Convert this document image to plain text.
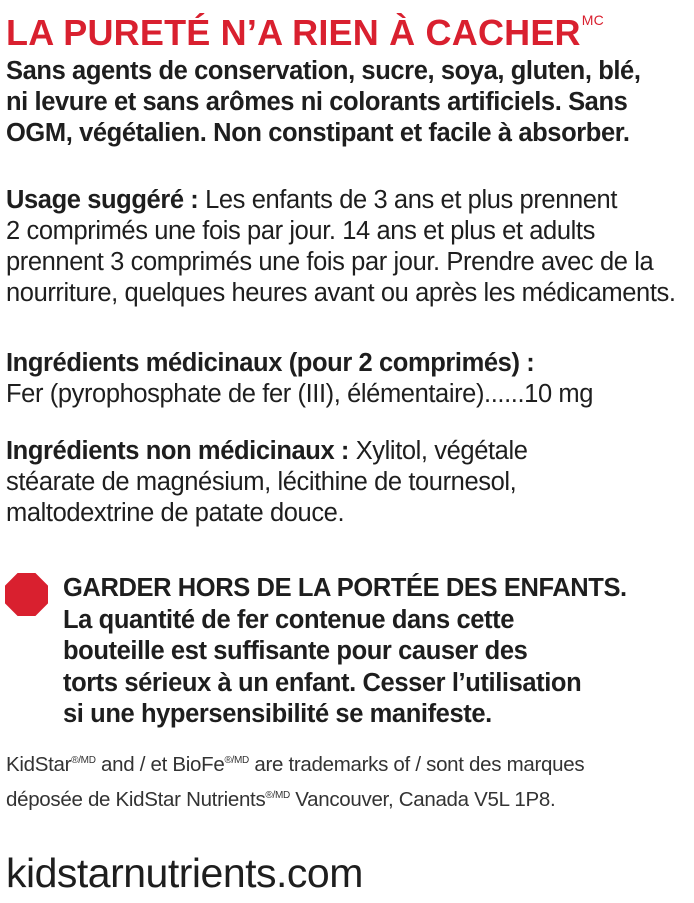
LA PURETÉ N’A RIEN À $CACHER^{MC}$
Sans agents de conservation, sucre, soya, gluten, blé,
ni levure et sans arômes ni colorants artificiels. Sans
OGM, végétalien. Non constipant et facile à absorber.
Usage suggéré : Les enfants de 3 ans et plus prennent
2 comprimés une fois par jour. 14 ans et plus et adults
prennent 3 comprimés une fois par jour. Prendre avec de la
nourriture, quelques heures avant ou après les médicaments.
Ingrédients médicinaux (pour 2 comprimés) :
Fer (pyrophosphate de fer (III), élémentaire)......10 mg
Ingrédients non médicinaux : Xylitol, végétale
stéarate de magnésium, lécithine de tournesol,
maltodextrine de patate douce.
GARDER HORS DE LA PORTÉE DES ENFANTS.
La quantité de fer contenue dans cette
bouteille est suffisante pour causer des
torts sérieux à un enfant. Cesser l’utilisation
si une hypersensibilité se manifeste.
KidStar$^{®/MD}$ and / et BioFe$^{®/MD}$ are trademarks of / sont des marques
déposée de KidStar Nutrients$^{®/MD}$ Vancouver, Canada V5L 1P8.
kidstarnutrients.com
